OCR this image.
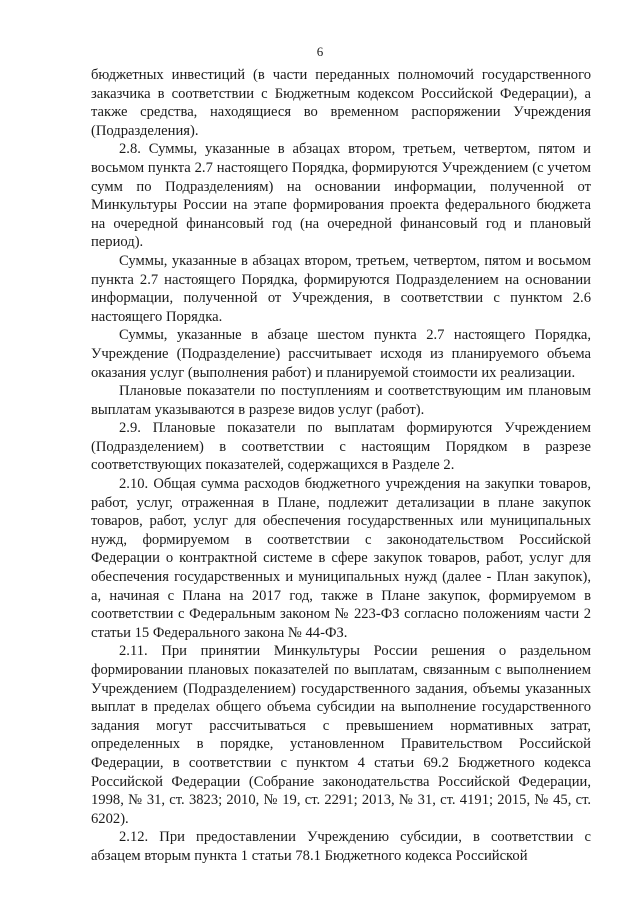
6

бюджетных инвестиций (в части переданных полномочий государственного заказчика в соответствии с Бюджетным кодексом Российской Федерации), а также средства, находящиеся во временном распоряжении Учреждения (Подразделения).

2.8. Суммы, указанные в абзацах втором, третьем, четвертом, пятом и восьмом пункта 2.7 настоящего Порядка, формируются Учреждением (с учетом сумм по Подразделениям) на основании информации, полученной от Минкультуры России на этапе формирования проекта федерального бюджета на очередной финансовый год (на очередной финансовый год и плановый период).

Суммы, указанные в абзацах втором, третьем, четвертом, пятом и восьмом пункта 2.7 настоящего Порядка, формируются Подразделением на основании информации, полученной от Учреждения, в соответствии с пунктом 2.6 настоящего Порядка.

Суммы, указанные в абзаце шестом пункта 2.7 настоящего Порядка, Учреждение (Подразделение) рассчитывает исходя из планируемого объема оказания услуг (выполнения работ) и планируемой стоимости их реализации.

Плановые показатели по поступлениям и соответствующим им плановым выплатам указываются в разрезе видов услуг (работ).

2.9. Плановые показатели по выплатам формируются Учреждением (Подразделением) в соответствии с настоящим Порядком в разрезе соответствующих показателей, содержащихся в Разделе 2.

2.10. Общая сумма расходов бюджетного учреждения на закупки товаров, работ, услуг, отраженная в Плане, подлежит детализации в плане закупок товаров, работ, услуг для обеспечения государственных или муниципальных нужд, формируемом в соответствии с законодательством Российской Федерации о контрактной системе в сфере закупок товаров, работ, услуг для обеспечения государственных и муниципальных нужд (далее - План закупок), а, начиная с Плана на 2017 год, также в Плане закупок, формируемом в соответствии с Федеральным законом № 223-ФЗ согласно положениям части 2 статьи 15 Федерального закона № 44-ФЗ.

2.11. При принятии Минкультуры России решения о раздельном формировании плановых показателей по выплатам, связанным с выполнением Учреждением (Подразделением) государственного задания, объемы указанных выплат в пределах общего объема субсидии на выполнение государственного задания могут рассчитываться с превышением нормативных затрат, определенных в порядке, установленном Правительством Российской Федерации, в соответствии с пунктом 4 статьи 69.2 Бюджетного кодекса Российской Федерации (Собрание законодательства Российской Федерации, 1998, № 31, ст. 3823; 2010, № 19, ст. 2291; 2013, № 31, ст. 4191; 2015, № 45, ст. 6202).

2.12. При предоставлении Учреждению субсидии, в соответствии с абзацем вторым пункта 1 статьи 78.1 Бюджетного кодекса Российской
